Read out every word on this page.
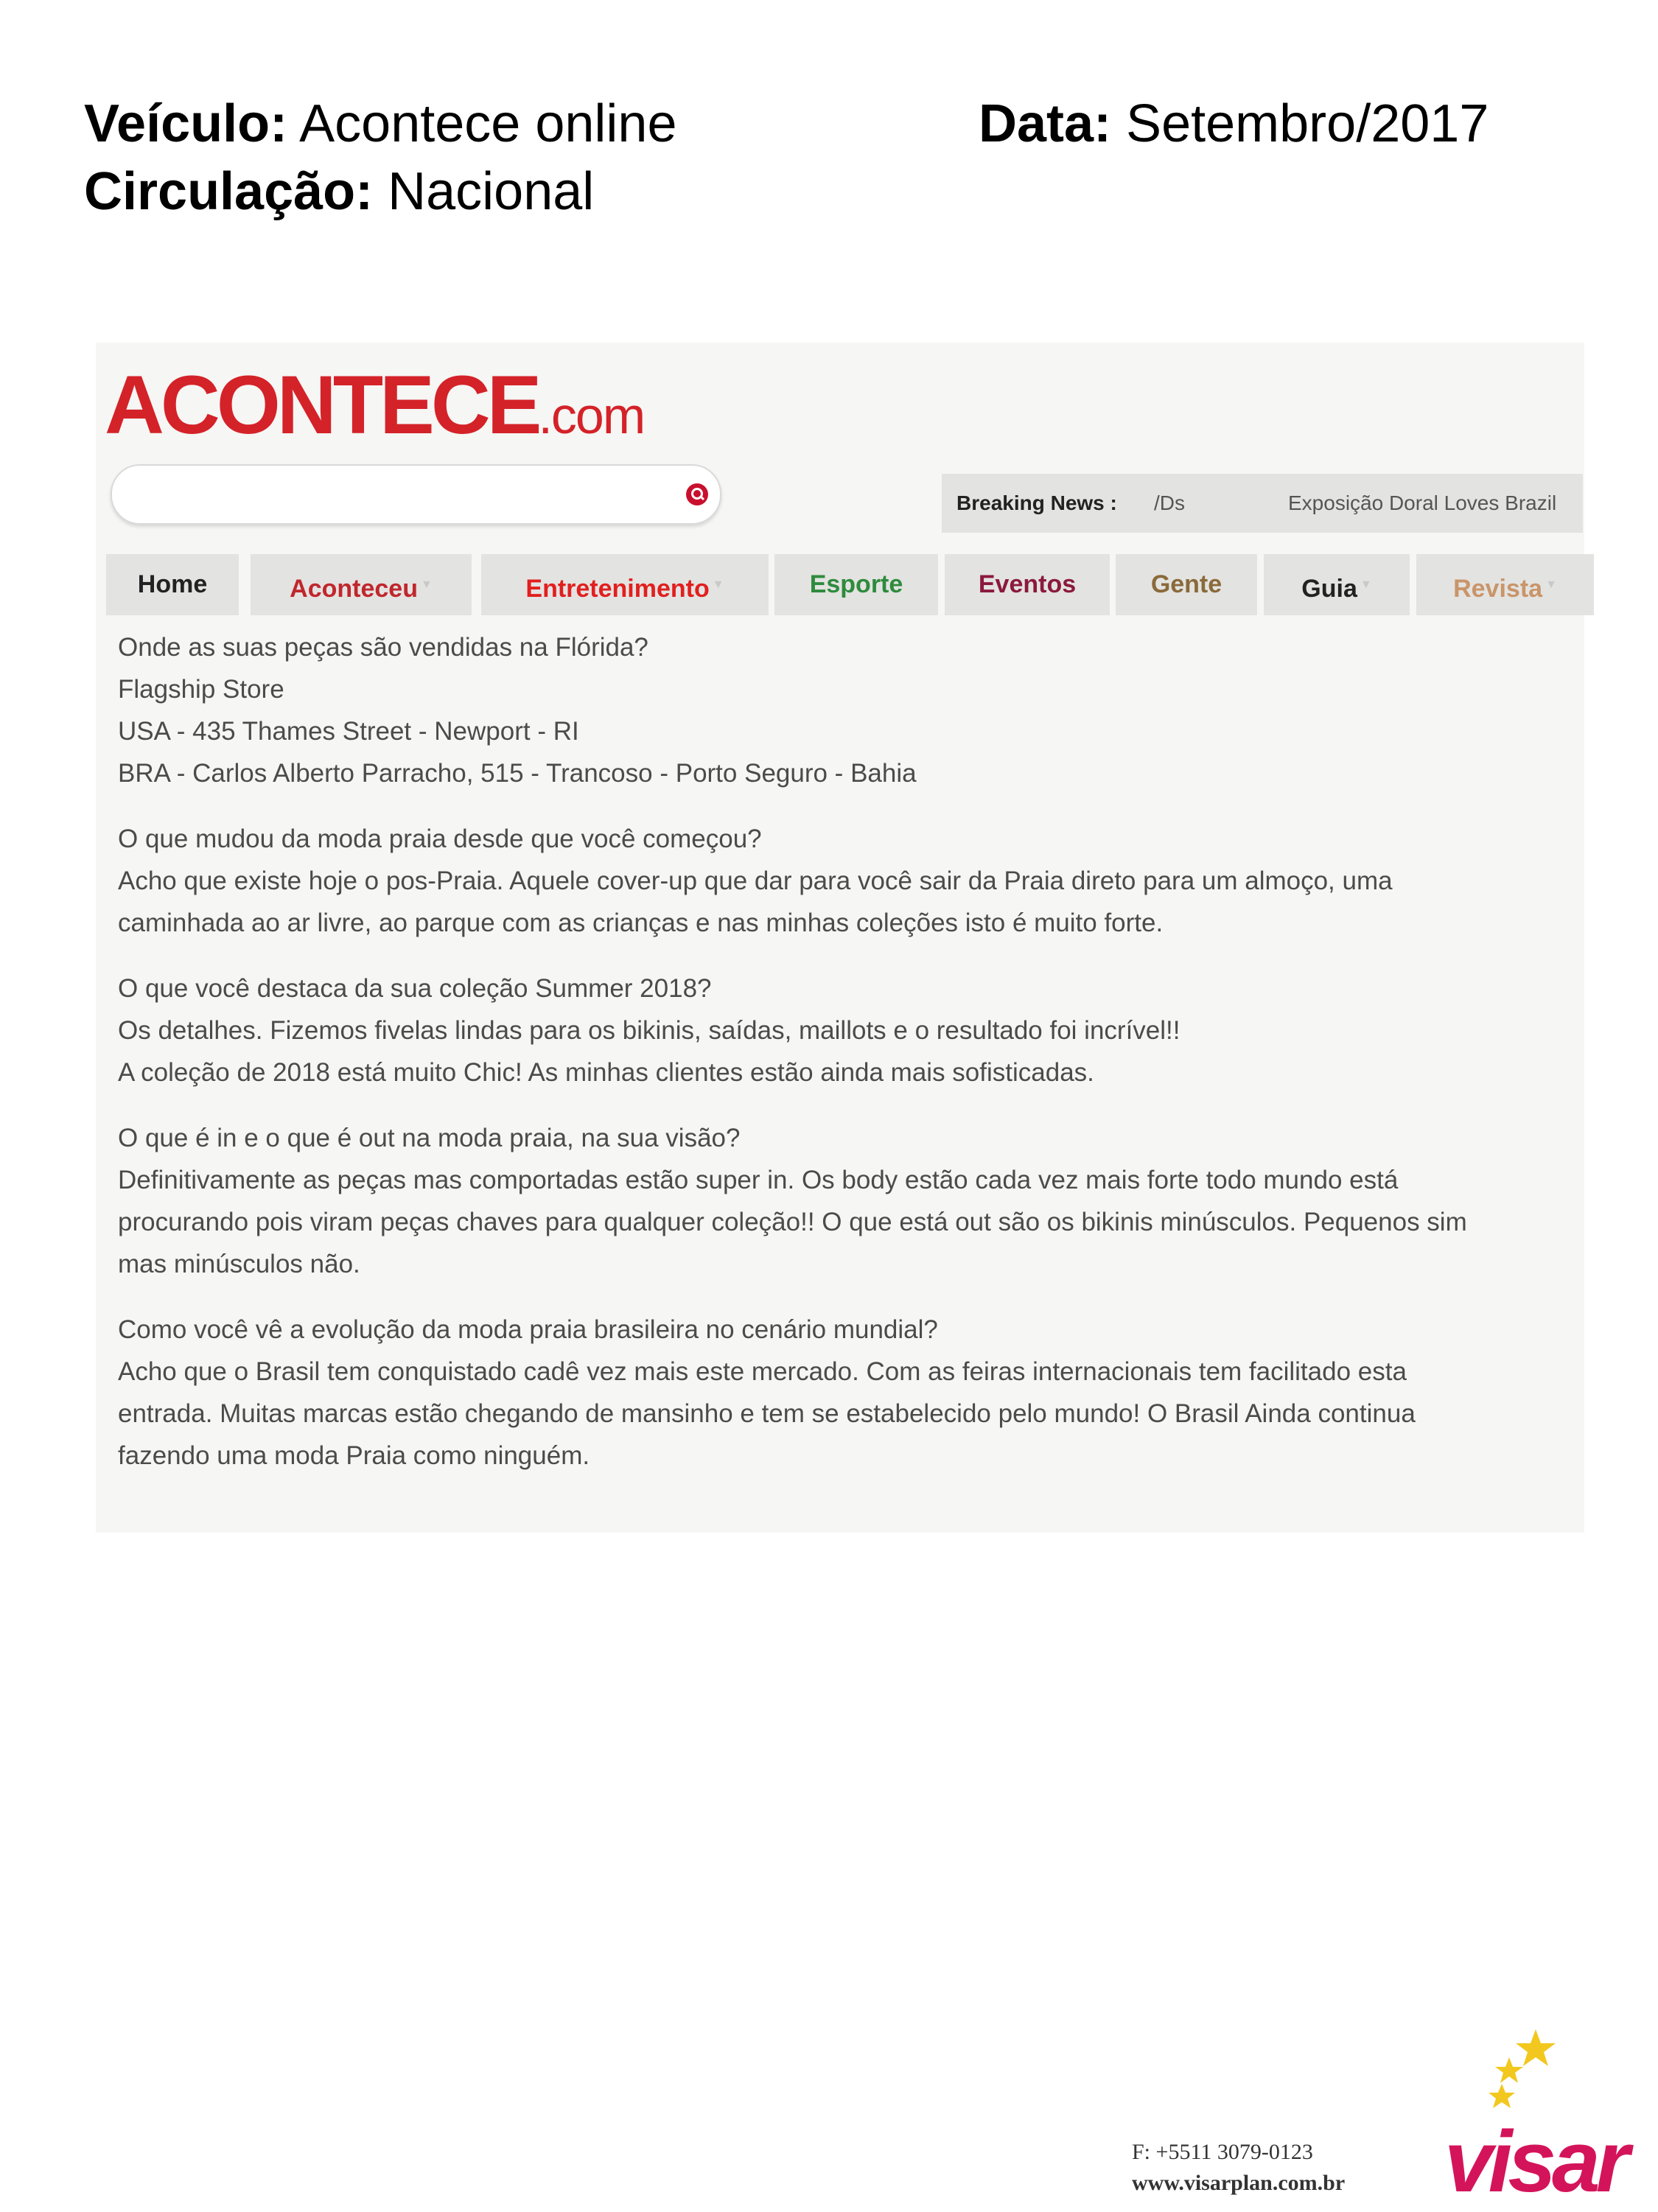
Veículo: Acontece online	Data: Setembro/2017
Circulação: Nacional
ACONTECE.com
Breaking News : /Ds	Exposição Doral Loves Brazil
Home	Aconteceu ▼	Entretenimento ▼	Esporte	Eventos	Gente	Guia ▼	Revista ▼

Onde as suas peças são vendidas na Flórida?
Flagship Store
USA - 435 Thames Street - Newport - RI
BRA - Carlos Alberto Parracho, 515 - Trancoso - Porto Seguro - Bahia

O que mudou da moda praia desde que você começou?
Acho que existe hoje o pos-Praia. Aquele cover-up que dar para você sair da Praia direto para um almoço, uma
caminhada ao ar livre, ao parque com as crianças e nas minhas coleções isto é muito forte.

O que você destaca da sua coleção Summer 2018?
Os detalhes. Fizemos fivelas lindas para os bikinis, saídas, maillots e o resultado foi incrível!!
A coleção de 2018 está muito Chic! As minhas clientes estão ainda mais sofisticadas.

O que é in e o que é out na moda praia, na sua visão?
Definitivamente as peças mas comportadas estão super in. Os body estão cada vez mais forte todo mundo está
procurando pois viram peças chaves para qualquer coleção!! O que está out são os bikinis minúsculos. Pequenos sim
mas minúsculos não.

Como você vê a evolução da moda praia brasileira no cenário mundial?
Acho que o Brasil tem conquistado cadê vez mais este mercado. Com as feiras internacionais tem facilitado esta
entrada. Muitas marcas estão chegando de mansinho e tem se estabelecido pelo mundo! O Brasil Ainda continua
fazendo uma moda Praia como ninguém.

visar
F: +5511 3079-0123
www.visarplan.com.br
